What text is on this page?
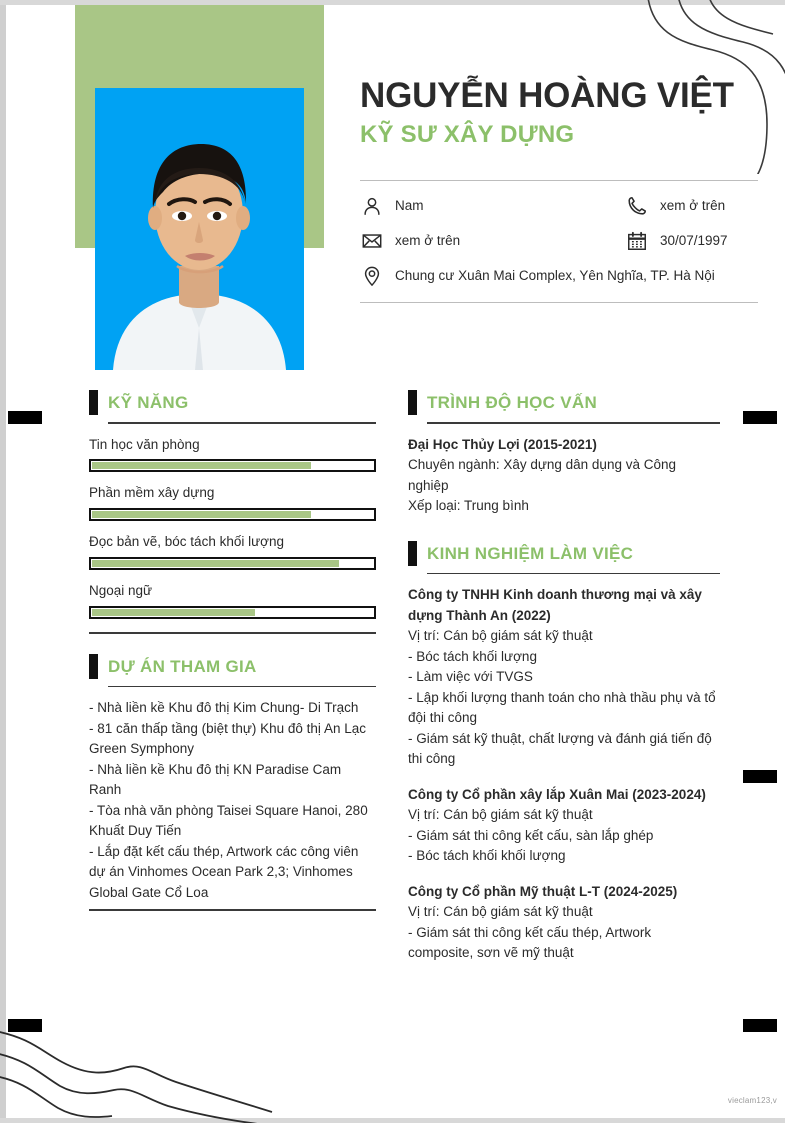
NGUYỄN HOÀNG VIỆT
KỸ SƯ XÂY DỰNG
Nam	xem ở trên
xem ở trên	30/07/1997
Chung cư Xuân Mai Complex, Yên Nghĩa, TP. Hà Nội
KỸ NĂNG
Tin học văn phòng
Phần mềm xây dựng
Đọc bản vẽ, bóc tách khối lượng
Ngoại ngữ
DỰ ÁN THAM GIA

- Nhà liền kề Khu đô thị Kim Chung- Di Trạch

- 81 căn thấp tầng (biệt thự) Khu đô thị An Lạc Green Symphony

- Nhà liền kề Khu đô thị KN Paradise Cam Ranh

- Tòa nhà văn phòng Taisei Square Hanoi, 280 Khuất Duy Tiến

- Lắp đặt kết cấu thép, Artwork các công viên dự án Vinhomes Ocean Park 2,3; Vinhomes Global Gate Cổ Loa

TRÌNH ĐỘ HỌC VẤN

Đại Học Thủy Lợi (2015-2021)

Chuyên ngành: Xây dựng dân dụng và Công nghiệp

Xếp loại: Trung bình

KINH NGHIỆM LÀM VIỆC

Công ty TNHH Kinh doanh thương mại và xây dựng Thành An (2022)

Vị trí: Cán bộ giám sát kỹ thuật

- Bóc tách khối lượng

- Làm việc với TVGS

- Lập khối lượng thanh toán cho nhà thầu phụ và tổ đội thi công

- Giám sát kỹ thuật, chất lượng và đánh giá tiến độ thi công

Công ty Cổ phần xây lắp Xuân Mai (2023-2024)

Vị trí: Cán bộ giám sát kỹ thuật

- Giám sát thi công kết cấu, sàn lắp ghép

- Bóc tách khối khối lượng

Công ty Cổ phần Mỹ thuật L-T (2024-2025)

Vị trí: Cán bộ giám sát kỹ thuật

- Giám sát thi công kết cấu thép, Artwork composite, sơn vẽ mỹ thuật

vieclam123,v
